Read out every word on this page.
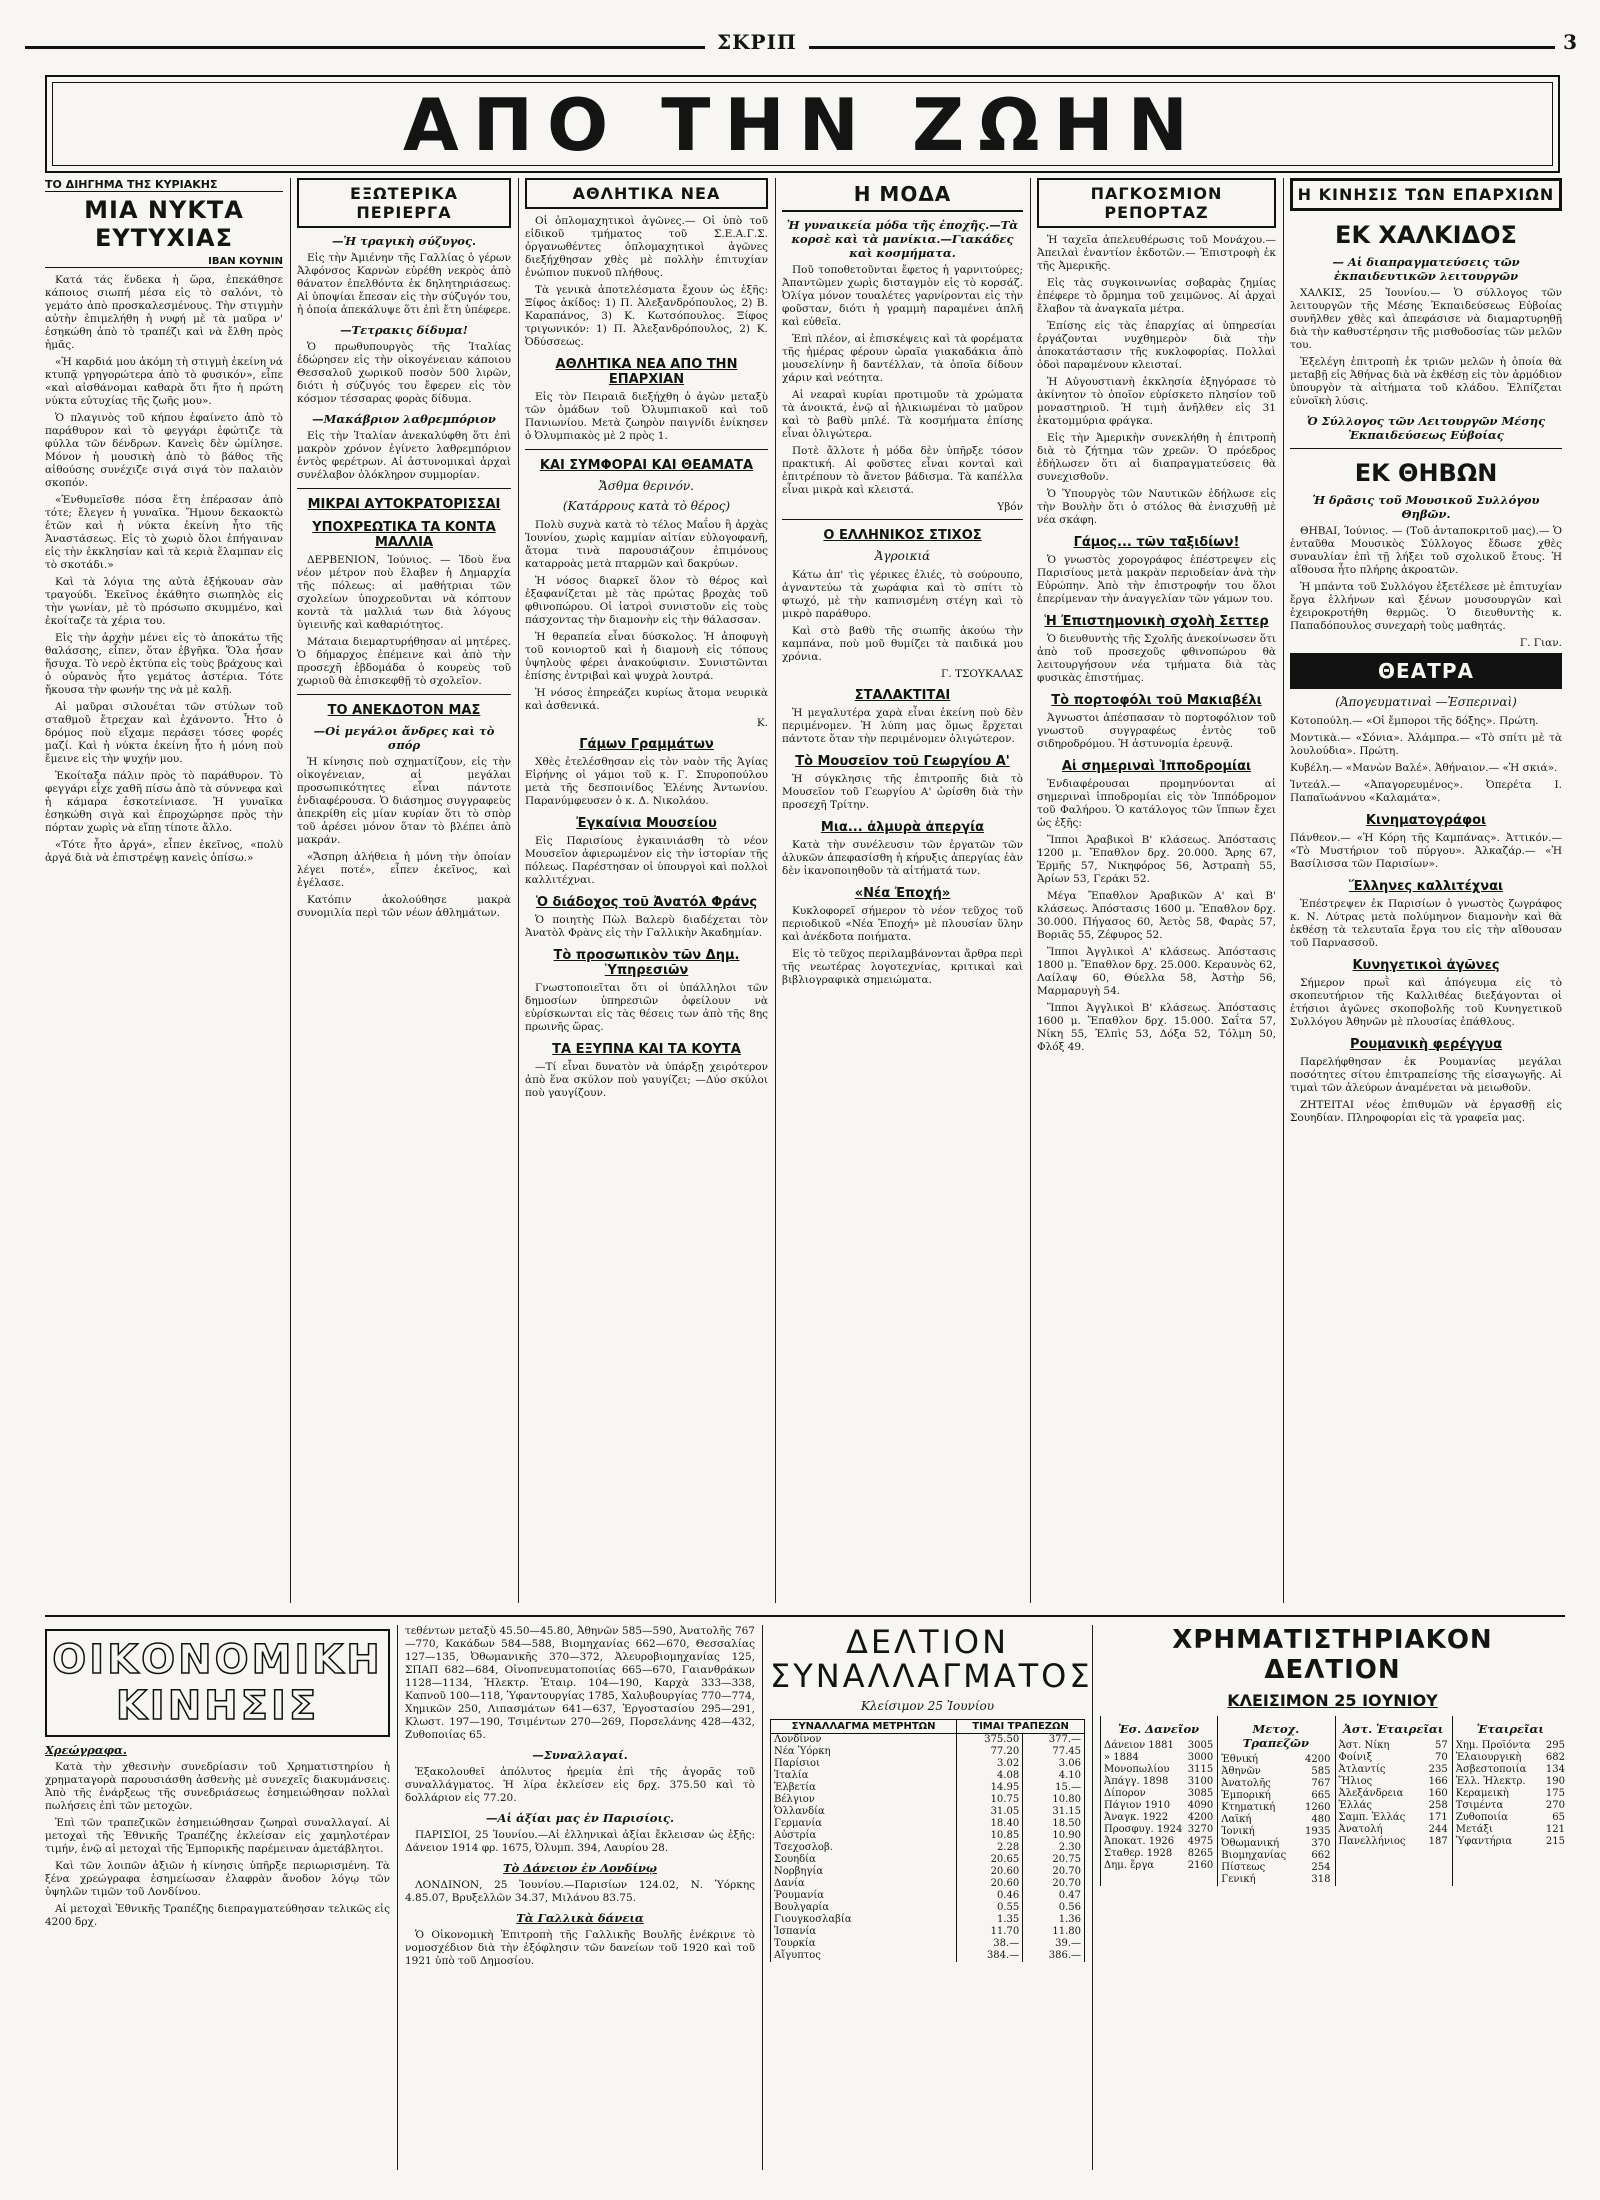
ΣΚΡΙΠ	3
ΑΠΟ ΤΗΝ ΖΩΗΝ
ΤΟ ΔΙΗΓΗΜΑ ΤΗΣ ΚΥΡΙΑΚΗΣ
ΜΙΑ ΝΥΚΤΑ ΕΥΤΥΧΙΑΣ
ΙΒΑΝ ΚΟΥΝΙΝ

Κατά τάς ἕνδεκα ἡ ὥρα, ἐπεκάθησε κάποιος σιωπή μέσα εἰς τὸ σαλόνι, τὸ γεμάτο ἀπὸ προσκαλεσμένους. Τὴν στιγμὴν αὐτὴν ἐπιμελήθη ἡ νυφή μὲ τὰ μαῦρα ν' ἐσηκώθη ἀπὸ τὸ τραπέζι καὶ νὰ ἔλθη πρὸς ἡμᾶς.

«Ἡ καρδιά μου ἀκόμη τὴ στιγμὴ ἐκείνη νά κτυπᾷ γρηγορώτερα ἀπὸ τὸ φυσικόν», εἶπε «καὶ αἰσθάνομαι καθαρὰ ὅτι ἤτο ἡ πρώτη νύκτα εὐτυχίας τῆς ζωῆς μου».

Ὁ πλαγινὸς τοῦ κήπου ἐφαίνετο ἀπὸ τὸ παράθυρον καὶ τὸ φεγγάρι ἐφώτιζε τὰ φύλλα τῶν δένδρων. Κανεὶς δὲν ὡμίλησε. Μόνον ἡ μουσικὴ ἀπὸ τὸ βάθος τῆς αἰθούσης συνέχιζε σιγά σιγά τὸν παλαιὸν σκοπόν.

«Ἐνθυμεῖσθε πόσα ἔτη ἐπέρασαν ἀπὸ τότε; ἔλεγεν ἡ γυναῖκα. Ἤμουν δεκαοκτὼ ἐτῶν καὶ ἡ νύκτα ἐκείνη ἦτο τῆς Ἀναστάσεως. Εἰς τὸ χωριὸ ὅλοι ἐπήγαιναν εἰς τὴν ἐκκλησίαν καὶ τὰ κεριὰ ἔλαμπαν εἰς τὸ σκοτάδι.»

Καὶ τὰ λόγια της αὐτὰ ἐξήκουαν σὰν τραγούδι. Ἐκεῖνος ἐκάθητο σιωπηλὸς εἰς τὴν γωνίαν, μὲ τὸ πρόσωπο σκυμμένο, καὶ ἐκοίταζε τὰ χέρια του.

Εἰς τὴν ἀρχὴν μένει εἰς τὸ ἀποκάτω τῆς θαλάσσης, εἶπεν, ὅταν ἐβγῆκα. Ὅλα ἦσαν ἥσυχα. Τὸ νερὸ ἐκτύπα εἰς τοὺς βράχους καὶ ὁ οὐρανὸς ἦτο γεμάτος ἀστέρια. Τότε ἤκουσα τὴν φωνήν της νὰ μὲ καλῇ.

Αἱ μαῦραι σιλουέται τῶν στύλων τοῦ σταθμοῦ ἔτρεχαν καὶ ἐχάνοντο. Ἦτο ὁ δρόμος ποὺ εἴχαμε περάσει τόσες φορές μαζί. Καὶ ἡ νύκτα ἐκείνη ἦτο ἡ μόνη ποὺ ἔμεινε εἰς τὴν ψυχήν μου.

Ἐκοίταξα πάλιν πρὸς τὸ παράθυρον. Τὸ φεγγάρι εἶχε χαθῆ πίσω ἀπὸ τὰ σύννεφα καὶ ἡ κάμαρα ἐσκοτείνιασε. Ἡ γυναῖκα ἐσηκώθη σιγὰ καὶ ἐπροχώρησε πρὸς τὴν πόρταν χωρὶς νὰ εἴπῃ τίποτε ἄλλο.

«Τότε ἦτο ἀργά», εἶπεν ἐκεῖνος, «πολὺ ἀργά διὰ νὰ ἐπιστρέψῃ κανεὶς ὀπίσω.»

ΕΞΩΤΕΡΙΚΑ ΠΕΡΙΕΡΓΑ
—Ἡ τραγικὴ σύζυγος.

Εἰς τὴν Ἀμιένην τῆς Γαλλίας ὁ γέρων Ἀλφόνσος Καρνὼν εὑρέθη νεκρὸς ἀπὸ θάνατον ἐπελθόντα ἐκ δηλητηριάσεως. Αἱ ὑποψίαι ἔπεσαν εἰς τὴν σύζυγόν του, ἡ ὁποία ἀπεκάλυψε ὅτι ἐπὶ ἔτη ὑπέφερε.

—Τετρακις δίδυμα!

Ὁ πρωθυπουργὸς τῆς Ἰταλίας ἐδώρησεν εἰς τὴν οἰκογένειαν κάποιου Θεσσαλοῦ χωρικοῦ ποσὸν 500 λιρῶν, διότι ἡ σύζυγός του ἔφερεν εἰς τὸν κόσμον τέσσαρας φορὰς δίδυμα.

—Μακάβριον λαθρεμπόριον

Εἰς τὴν Ἰταλίαν ἀνεκαλύφθη ὅτι ἐπὶ μακρὸν χρόνον ἐγίνετο λαθρεμπόριον ἐντὸς φερέτρων. Αἱ ἀστυνομικαὶ ἀρχαὶ συνέλαβον ὁλόκληρον συμμορίαν.

ΜΙΚΡΑΙ ΑΥΤΟΚΡΑΤΟΡΙΣΣΑΙ
ΥΠΟΧΡΕΩΤΙΚΑ ΤΑ ΚΟΝΤΑ ΜΑΛΛΙΑ

ΔΕΡΒΕΝΙΟΝ, Ἰούνιος. — Ἰδοὺ ἕνα νέον μέτρον ποὺ ἔλαβεν ἡ Δημαρχία τῆς πόλεως: αἱ μαθήτριαι τῶν σχολείων ὑποχρεοῦνται νὰ κόπτουν κοντὰ τὰ μαλλιά των διὰ λόγους ὑγιεινῆς καὶ καθαριότητος.

Μάταια διεμαρτυρήθησαν αἱ μητέρες. Ὁ δήμαρχος ἐπέμεινε καὶ ἀπὸ τὴν προσεχῆ ἑβδομάδα ὁ κουρεὺς τοῦ χωριοῦ θὰ ἐπισκεφθῇ τὸ σχολεῖον.

ΤΟ ΑΝΕΚΔΟΤΟΝ ΜΑΣ
—Οἱ μεγάλοι ἄνδρες καὶ τὸ σπόρ

Ἡ κίνησις ποὺ σχηματίζουν, εἰς τὴν οἰκογένειαν, αἱ μεγάλαι προσωπικότητες εἶναι πάντοτε ἐνδιαφέρουσα. Ὁ διάσημος συγγραφεὺς ἀπεκρίθη εἰς μίαν κυρίαν ὅτι τὸ σπὸρ τοῦ ἀρέσει μόνον ὅταν τὸ βλέπει ἀπὸ μακράν.

«Ἄσπρη ἀλήθεια ἡ μόνη τὴν ὁποίαν λέγει ποτέ», εἶπεν ἐκεῖνος, καὶ ἐγέλασε.

Κατόπιν ἀκολούθησε μακρὰ συνομιλία περὶ τῶν νέων ἀθλημάτων.

ΑΘΛΗΤΙΚΑ ΝΕΑ

Οἱ ὁπλομαχητικοὶ ἀγῶνες.— Οἱ ὑπὸ τοῦ εἰδικοῦ τμήματος τοῦ Σ.Ε.Α.Γ.Σ. ὀργανωθέντες ὁπλομαχητικοὶ ἀγῶνες διεξήχθησαν χθὲς μὲ πολλὴν ἐπιτυχίαν ἐνώπιον πυκνοῦ πλήθους.

Τὰ γενικὰ ἀποτελέσματα ἔχουν ὡς ἑξῆς: Ξίφος ἀκίδος: 1) Π. Ἀλεξανδρόπουλος, 2) Β. Καραπάνος, 3) Κ. Κωτσόπουλος. Ξίφος τριγωνικόν: 1) Π. Ἀλεξανδρόπουλος, 2) Κ. Ὀδύσσεως.

ΑΘΛΗΤΙΚΑ ΝΕΑ ΑΠΟ ΤΗΝ ΕΠΑΡΧΙΑΝ

Εἰς τὸν Πειραιᾶ διεξήχθη ὁ ἀγὼν μεταξὺ τῶν ὁμάδων τοῦ Ὀλυμπιακοῦ καὶ τοῦ Πανιωνίου. Μετὰ ζωηρὸν παιγνίδι ἐνίκησεν ὁ Ὀλυμπιακὸς μὲ 2 πρὸς 1.

ΚΑΙ ΣΥΜΦΟΡΑΙ ΚΑΙ ΘΕΑΜΑΤΑ
Ἄσθμα θερινόν.
(Κατάρρους κατὰ τὸ θέρος)

Πολὺ συχνὰ κατὰ τὸ τέλος Μαΐου ἢ ἀρχὰς Ἰουνίου, χωρὶς καμμίαν αἰτίαν εὐλογοφανῆ, ἄτομα τινὰ παρουσιάζουν ἐπιμόνους καταρροὰς μετὰ πταρμῶν καὶ δακρύων.

Ἡ νόσος διαρκεῖ ὅλον τὸ θέρος καὶ ἐξαφανίζεται μὲ τὰς πρώτας βροχὰς τοῦ φθινοπώρου. Οἱ ἰατροὶ συνιστοῦν εἰς τοὺς πάσχοντας τὴν διαμονὴν εἰς τὴν θάλασσαν.

Ἡ θεραπεία εἶναι δύσκολος. Ἡ ἀποφυγὴ τοῦ κονιορτοῦ καὶ ἡ διαμονὴ εἰς τόπους ὑψηλοὺς φέρει ἀνακούφισιν. Συνιστῶνται ἐπίσης ἐντριβαὶ καὶ ψυχρὰ λουτρά.

Ἡ νόσος ἐπηρεάζει κυρίως ἄτομα νευρικὰ καὶ ἀσθενικά.

Κ.
Γάμων Γραμμάτων

Χθὲς ἐτελέσθησαν εἰς τὸν ναὸν τῆς Ἁγίας Εἰρήνης οἱ γάμοι τοῦ κ. Γ. Σπυροπούλου μετὰ τῆς δεσποινίδος Ἑλένης Ἀντωνίου. Παρανύμφευσεν ὁ κ. Δ. Νικολάου.

Ἐγκαίνια Μουσείου

Εἰς Παρισίους ἐγκαινιάσθη τὸ νέον Μουσεῖον ἀφιερωμένον εἰς τὴν ἱστορίαν τῆς πόλεως. Παρέστησαν οἱ ὑπουργοὶ καὶ πολλοὶ καλλιτέχναι.

Ὁ διάδοχος τοῦ Ἀνατόλ Φράνς

Ὁ ποιητὴς Πὼλ Βαλερὺ διαδέχεται τὸν Ἀνατὸλ Φρὰνς εἰς τὴν Γαλλικὴν Ἀκαδημίαν.

Τὸ προσωπικὸν τῶν Δημ. Ὑπηρεσιῶν

Γνωστοποιεῖται ὅτι οἱ ὑπάλληλοι τῶν δημοσίων ὑπηρεσιῶν ὀφείλουν νὰ εὑρίσκωνται εἰς τὰς θέσεις των ἀπὸ τῆς 8ης πρωινῆς ὥρας.

ΤΑ ΕΞΥΠΝΑ ΚΑΙ ΤΑ ΚΟΥΤΑ

—Τί εἶναι δυνατὸν νὰ ὑπάρξῃ χειρότερον ἀπὸ ἕνα σκύλον ποὺ γαυγίζει; —Δύο σκύλοι ποὺ γαυγίζουν.

Η ΜΟΔΑ
Ἡ γυναικεία μόδα τῆς ἐποχῆς.—Τὰ κορσὲ καὶ τὰ μανίκια.—Γιακάδες καὶ κοσμήματα.

Ποῦ τοποθετοῦνται ἔφετος ἡ γαρνιτούρες; Ἀπαντῶμεν χωρὶς δισταγμὸν εἰς τὸ κορσάζ. Ὀλίγα μόνον τουαλέτες γαρνίρονται εἰς τὴν φοῦσταν, διότι ἡ γραμμὴ παραμένει ἁπλῆ καὶ εὐθεῖα.

Ἐπὶ πλέον, αἱ ἐπισκέψεις καὶ τὰ φορέματα τῆς ἡμέρας φέρουν ὡραῖα γιακαδάκια ἀπὸ μουσελίνην ἢ δαντέλλαν, τὰ ὁποῖα δίδουν χάριν καὶ νεότητα.

Αἱ νεαραὶ κυρίαι προτιμοῦν τὰ χρώματα τὰ ἀνοικτά, ἐνῷ αἱ ἡλικιωμέναι τὸ μαῦρον καὶ τὸ βαθὺ μπλέ. Τὰ κοσμήματα ἐπίσης εἶναι ὀλιγώτερα.

Ποτὲ ἄλλοτε ἡ μόδα δὲν ὑπῆρξε τόσον πρακτική. Αἱ φοῦστες εἶναι κονταὶ καὶ ἐπιτρέπουν τὸ ἄνετον βάδισμα. Τὰ καπέλλα εἶναι μικρὰ καὶ κλειστά.

Υβόν
Ο ΕΛΛΗΝΙΚΟΣ ΣΤΙΧΟΣ
Ἀγροικιά

Κάτω ἀπ' τὶς γέρικες ἐλιές, τὸ σούρουπο, ἀγναντεύω τὰ χωράφια καὶ τὸ σπίτι τὸ φτωχό, μὲ τὴν καπνισμένη στέγη καὶ τὸ μικρὸ παράθυρο.

Καὶ στὸ βαθὺ τῆς σιωπῆς ἀκούω τὴν καμπάνα, ποὺ μοῦ θυμίζει τὰ παιδικά μου χρόνια.

Γ. ΤΣΟΥΚΑΛΑΣ
ΣΤΑΛΑΚΤΙΤΑΙ

Ἡ μεγαλυτέρα χαρὰ εἶναι ἐκείνη ποὺ δὲν περιμένομεν. Ἡ λύπη μας ὅμως ἔρχεται πάντοτε ὅταν τὴν περιμένομεν ὀλιγώτερον.

Τὸ Μουσεῖον τοῦ Γεωργίου Α'

Ἡ σύγκλησις τῆς ἐπιτροπῆς διὰ τὸ Μουσεῖον τοῦ Γεωργίου Α' ὡρίσθη διὰ τὴν προσεχῆ Τρίτην.

Μια... ἀλμυρὰ ἀπεργία

Κατὰ τὴν συνέλευσιν τῶν ἐργατῶν τῶν ἁλυκῶν ἀπεφασίσθη ἡ κήρυξις ἀπεργίας ἐὰν δὲν ἱκανοποιηθοῦν τὰ αἰτήματά των.

«Νέα Ἐποχή»

Κυκλοφορεῖ σήμερον τὸ νέον τεῦχος τοῦ περιοδικοῦ «Νέα Ἐποχή» μὲ πλουσίαν ὕλην καὶ ἀνέκδοτα ποιήματα.

Εἰς τὸ τεῦχος περιλαμβάνονται ἄρθρα περὶ τῆς νεωτέρας λογοτεχνίας, κριτικαὶ καὶ βιβλιογραφικὰ σημειώματα.

ΠΑΓΚΟΣΜΙΟΝ ΡΕΠΟΡΤΑΖ

Ἡ ταχεῖα ἀπελευθέρωσις τοῦ Μονάχου.— Ἀπειλαὶ ἐναντίον ἐκδοτῶν.— Ἐπιστροφὴ ἐκ τῆς Ἀμερικῆς.

Εἰς τὰς συγκοινωνίας σοβαρὰς ζημίας ἐπέφερε τὸ ὄρμημα τοῦ χειμῶνος. Αἱ ἀρχαὶ ἔλαβον τὰ ἀναγκαῖα μέτρα.

Ἐπίσης εἰς τὰς ἐπαρχίας αἱ ὑπηρεσίαι ἐργάζονται νυχθημερὸν διὰ τὴν ἀποκατάστασιν τῆς κυκλοφορίας. Πολλαὶ ὁδοὶ παραμένουν κλεισταί.

Ἡ Αὐγουστιανὴ ἐκκλησία ἐξηγόρασε τὸ ἀκίνητον τὸ ὁποῖον εὑρίσκετο πλησίον τοῦ μοναστηριοῦ. Ἡ τιμὴ ἀνῆλθεν εἰς 31 ἑκατομμύρια φράγκα.

Εἰς τὴν Ἀμερικὴν συνεκλήθη ἡ ἐπιτροπὴ διὰ τὸ ζήτημα τῶν χρεῶν. Ὁ πρόεδρος ἐδήλωσεν ὅτι αἱ διαπραγματεύσεις θὰ συνεχισθοῦν.

Ὁ Ὑπουργὸς τῶν Ναυτικῶν ἐδήλωσε εἰς τὴν Βουλὴν ὅτι ὁ στόλος θὰ ἐνισχυθῇ μὲ νέα σκάφη.

Γάμος... τῶν ταξιδίων!

Ὁ γνωστὸς χορογράφος ἐπέστρεψεν εἰς Παρισίους μετὰ μακρὰν περιοδείαν ἀνὰ τὴν Εὐρώπην. Ἀπὸ τὴν ἐπιστροφήν του ὅλοι ἐπερίμεναν τὴν ἀναγγελίαν τῶν γάμων του.

Ἡ Ἐπιστημονικὴ σχολὴ Σεττερ

Ὁ διευθυντὴς τῆς Σχολῆς ἀνεκοίνωσεν ὅτι ἀπὸ τοῦ προσεχοῦς φθινοπώρου θὰ λειτουργήσουν νέα τμήματα διὰ τὰς φυσικὰς ἐπιστήμας.

Τὸ πορτοφόλι τοῦ Μακιαβέλι

Ἀγνωστοι ἀπέσπασαν τὸ πορτοφόλιον τοῦ γνωστοῦ συγγραφέως ἐντὸς τοῦ σιδηροδρόμου. Ἡ ἀστυνομία ἐρευνᾷ.

Αἱ σημεριναὶ Ἱπποδρομίαι

Ἐνδιαφέρουσαι προμηνύονται αἱ σημεριναὶ ἱπποδρομίαι εἰς τὸν Ἱππόδρομον τοῦ Φαλήρου. Ὁ κατάλογος τῶν ἵππων ἔχει ὡς ἑξῆς:

Ἵπποι Ἀραβικοὶ Β' κλάσεως. Ἀπόστασις 1200 μ. Ἔπαθλον δρχ. 20.000. Ἄρης 67, Ἑρμῆς 57, Νικηφόρος 56, Ἀστραπὴ 55, Ἀρίων 53, Γεράκι 52.

Μέγα Ἔπαθλον Ἀραβικῶν Α' καὶ Β' κλάσεως. Ἀπόστασις 1600 μ. Ἔπαθλον δρχ. 30.000. Πήγασος 60, Ἀετὸς 58, Φαρὰς 57, Βοριᾶς 55, Ζέφυρος 52.

Ἵπποι Ἀγγλικοὶ Α' κλάσεως. Ἀπόστασις 1800 μ. Ἔπαθλον δρχ. 25.000. Κεραυνὸς 62, Λαίλαψ 60, Θύελλα 58, Ἀστὴρ 56, Μαρμαρυγὴ 54.

Ἵπποι Ἀγγλικοὶ Β' κλάσεως. Ἀπόστασις 1600 μ. Ἔπαθλον δρχ. 15.000. Σαΐτα 57, Νίκη 55, Ἐλπὶς 53, Δόξα 52, Τόλμη 50, Φλόξ 49.

Η ΚΙΝΗΣΙΣ ΤΩΝ ΕΠΑΡΧΙΩΝ
ΕΚ ΧΑΛΚΙΔΟΣ
— Αἱ διαπραγματεύσεις τῶν ἐκπαιδευτικῶν λειτουργῶν

ΧΑΛΚΙΣ, 25 Ἰουνίου.— Ὁ σύλλογος τῶν λειτουργῶν τῆς Μέσης Ἐκπαιδεύσεως Εὐβοίας συνῆλθεν χθὲς καὶ ἀπεφάσισε νὰ διαμαρτυρηθῇ διὰ τὴν καθυστέρησιν τῆς μισθοδοσίας τῶν μελῶν του.

Ἐξελέγη ἐπιτροπὴ ἐκ τριῶν μελῶν ἡ ὁποία θὰ μεταβῇ εἰς Ἀθήνας διὰ νὰ ἐκθέσῃ εἰς τὸν ἁρμόδιον ὑπουργὸν τὰ αἰτήματα τοῦ κλάδου. Ἐλπίζεται εὐνοϊκὴ λύσις.

Ὁ Σύλλογος τῶν Λειτουργῶν Μέσης Ἐκπαιδεύσεως Εὐβοίας
ΕΚ ΘΗΒΩΝ
Ἡ δρᾶσις τοῦ Μουσικοῦ Συλλόγου Θηβῶν.

ΘΗΒΑΙ, Ἰούνιος. — (Τοῦ ἀνταποκριτοῦ μας).— Ὁ ἐνταῦθα Μουσικὸς Σύλλογος ἔδωσε χθὲς συναυλίαν ἐπὶ τῇ λήξει τοῦ σχολικοῦ ἔτους. Ἡ αἴθουσα ἦτο πλήρης ἀκροατῶν.

Ἡ μπάντα τοῦ Συλλόγου ἐξετέλεσε μὲ ἐπιτυχίαν ἔργα ἑλλήνων καὶ ξένων μουσουργῶν καὶ ἐχειροκροτήθη θερμῶς. Ὁ διευθυντὴς κ. Παπαδόπουλος συνεχαρὴ τοὺς μαθητάς.

Γ. Γιαν.
ΘΕΑΤΡΑ
(Ἀπογευματιναὶ —Ἑσπεριναὶ)

Κοτοπούλη.— «Οἱ ἔμποροι τῆς δόξης». Πρώτη.

Μοντικὰ.— «Σόνια». Ἀλάμπρα.— «Τὸ σπίτι μὲ τὰ λουλούδια». Πρώτη.

Κυβέλη.— «Μανὼν Βαλέ». Ἀθήναιον.— «Ἡ σκιά».

Ἰντεάλ.— «Ἀπαγορευμένος». Ὀπερέτα Ι. Παπαϊωάννου «Καλαμάτα».

Κινηματογράφοι

Πάνθεον.— «Ἡ Κόρη τῆς Καμπάνας». Ἀττικόν.— «Τὸ Μυστήριον τοῦ πύργου». Ἀλκαζάρ.— «Ἡ Βασίλισσα τῶν Παρισίων».

Ἕλληνες καλλιτέχναι

Ἐπέστρεψεν ἐκ Παρισίων ὁ γνωστὸς ζωγράφος κ. Ν. Λύτρας μετὰ πολύμηνον διαμονὴν καὶ θὰ ἐκθέσῃ τὰ τελευταῖα ἔργα του εἰς τὴν αἴθουσαν τοῦ Παρνασσοῦ.

Κυνηγετικοὶ ἀγῶνες

Σήμερον πρωῒ καὶ ἀπόγευμα εἰς τὸ σκοπευτήριον τῆς Καλλιθέας διεξάγονται οἱ ἐτήσιοι ἀγῶνες σκοποβολῆς τοῦ Κυνηγετικοῦ Συλλόγου Ἀθηνῶν μὲ πλουσίας ἐπάθλους.

Ρουμανικὴ φερέγγυα

Παρελήφθησαν ἐκ Ρουμανίας μεγάλαι ποσότητες σίτου ἐπιτραπείσης τῆς εἰσαγωγῆς. Αἱ τιμαὶ τῶν ἀλεύρων ἀναμένεται νὰ μειωθοῦν.

ΖΗΤΕΙΤΑΙ νέος ἐπιθυμῶν νὰ ἐργασθῇ εἰς Σουηδίαν. Πληροφορίαι εἰς τὰ γραφεῖα μας.

ΟΙΚΟΝΟΜΙΚΗ ΚΙΝΗΣΙΣ
Χρεώγραφα.

Κατὰ τὴν χθεσινὴν συνεδρίασιν τοῦ Χρηματιστηρίου ἡ χρηματαγορὰ παρουσιάσθη ἀσθενὴς μὲ συνεχεῖς διακυμάνσεις. Ἀπὸ τῆς ἐνάρξεως τῆς συνεδριάσεως ἐσημειώθησαν πολλαὶ πωλήσεις ἐπὶ τῶν μετοχῶν.

Ἐπὶ τῶν τραπεζικῶν ἐσημειώθησαν ζωηραὶ συναλλαγαί. Αἱ μετοχαὶ τῆς Ἐθνικῆς Τραπέζης ἐκλείσαν εἰς χαμηλοτέραν τιμήν, ἐνῷ αἱ μετοχαὶ τῆς Ἐμπορικῆς παρέμειναν ἀμετάβλητοι.

Καὶ τῶν λοιπῶν ἀξιῶν ἡ κίνησις ὑπῆρξε περιωρισμένη. Τὰ ξένα χρεώγραφα ἐσημείωσαν ἐλαφρὰν ἄνοδον λόγῳ τῶν ὑψηλῶν τιμῶν τοῦ Λονδίνου.

Αἱ μετοχαὶ Ἐθνικῆς Τραπέζης διεπραγματεύθησαν τελικῶς εἰς 4200 δρχ.

τεθέντων μεταξὺ 45.50—45.80, Ἀθηνῶν 585—590, Ἀνατολῆς 767—770, Κακάδων 584—588, Βιομηχανίας 662—670, Θεσσαλίας 127—135, Ὀθωμανικῆς 370—372, Ἀλευροβιομηχανίας 125, ΣΠΑΠ 682—684, Οἰνοπνευματοποιίας 665—670, Γαιανθράκων 1128—1134, Ἠλεκτρ. Ἑταιρ. 104—190, Καρχὰ 333—338, Καπνοῦ 100—118, Ὑφαντουργίας 1785, Χαλυβουργίας 770—774, Χημικῶν 250, Λιπασμάτων 641—637, Ἐργοστασίου 295—291, Κλωστ. 197—190, Τσιμέντων 270—269, Πορσελάνης 428—432, Ζυθοποιίας 65.

—Συναλλαγαί.

Ἐξακολουθεῖ ἀπόλυτος ἠρεμία ἐπὶ τῆς ἀγορᾶς τοῦ συναλλάγματος. Ἡ λίρα ἐκλείσεν εἰς δρχ. 375.50 καὶ τὸ δολλάριον εἰς 77.20.

—Αἱ ἀξίαι μας ἐν Παρισίοις.

ΠΑΡΙΣΙΟΙ, 25 Ἰουνίου.—Αἱ ἑλληνικαὶ ἀξίαι ἔκλεισαν ὡς ἑξῆς: Δάνειον 1914 φρ. 1675, Ὀλυμπ. 394, Λαυρίου 28.

Τὸ Δάνειον ἐν Λονδίνῳ

ΛΟΝΔΙΝΟΝ, 25 Ἰουνίου.—Παρισίων 124.02, Ν. Ὑόρκης 4.85.07, Βρυξελλῶν 34.37, Μιλάνου 83.75.

Τὰ Γαλλικὰ δάνεια

Ὁ Οἰκονομικὴ Ἐπιτροπὴ τῆς Γαλλικῆς Βουλῆς ἐνέκρινε τὸ νομοσχέδιον διὰ τὴν ἐξόφλησιν τῶν δανείων τοῦ 1920 καὶ τοῦ 1921 ὑπὸ τοῦ Δημοσίου.

ΔΕΛΤΙΟΝ ΣΥΝΑΛΛΑΓΜΑΤΟΣ
Κλείσιμον 25 Ἰουνίου
ΣΥΝΑΛΛΑΓΜΑ ΜΕΤΡΗΤΩΝ	ΤΙΜΑΙ ΤΡΑΠΕΖΩΝ	
Λονδίνον	375.50	377.—
Νέα Ὑόρκη	77.20	77.45
Παρίσιοι	3.02	3.06
Ἰταλία	4.08	4.10
Ἑλβετία	14.95	15.—
Βέλγιον	10.75	10.80
Ὁλλανδία	31.05	31.15
Γερμανία	18.40	18.50
Αὐστρία	10.85	10.90
Τσεχοσλοβ.	2.28	2.30
Σουηδία	20.65	20.75
Νορβηγία	20.60	20.70
Δανία	20.60	20.70
Ῥουμανία	0.46	0.47
Βουλγαρία	0.55	0.56
Γιουγκοσλαβία	1.35	1.36
Ἰσπανία	11.70	11.80
Τουρκία	38.—	39.—
Αἴγυπτος	384.—	386.—
ΧΡΗΜΑΤΙΣΤΗΡΙΑΚΟΝ ΔΕΛΤΙΟΝ
ΚΛΕΙΣΙΜΟΝ 25 ΙΟΥΝΙΟΥ
Ἐσ. Δανεῖον
Δάνειον 1881 3005
» 1884	3000
Μονοπωλίου 3115
Ἀπάγγ. 1898 3100
Δίπορον	3085
Πάγιον 1910 4090
Ἀναγκ. 1922 4200
Προσφυγ. 1924 3270
Ἀποκατ. 1926 4975
Σταθερ. 1928 8265
Δημ. ἔργα	2160
Μετοχ. Τραπεζῶν
Ἐθνική	4200
Ἀθηνῶν	585
Ἀνατολῆς	767
Ἐμπορική	665
Κτηματική	1260
Λαϊκή	480
Ἰονική	1935
Ὀθωμανική	370
Βιομηχανίας	662
Πίστεως	254
Γενική	318
Ἀστ. Ἑταιρεῖαι
Ἀστ. Νίκη	57
Φοίνιξ	70
Ἀτλαντίς	235
Ἥλιος	166
Ἀλεξάνδρεια	160
Ἑλλάς	258
Σαμπ. Ἑλλάς 171
Ἀνατολή	244
Πανελλήνιος 187
Ἑταιρεῖαι
Χημ. Προϊόντα 295
Ἐλαιουργικὴ 682
Ἀσβεστοποιία 134
Ἑλλ. Ἠλεκτρ. 190
Κεραμεικὴ	175
Τσιμέντα	270
Ζυθοποιία	65
Μετάξι	121
Ὑφαντήρια	215
